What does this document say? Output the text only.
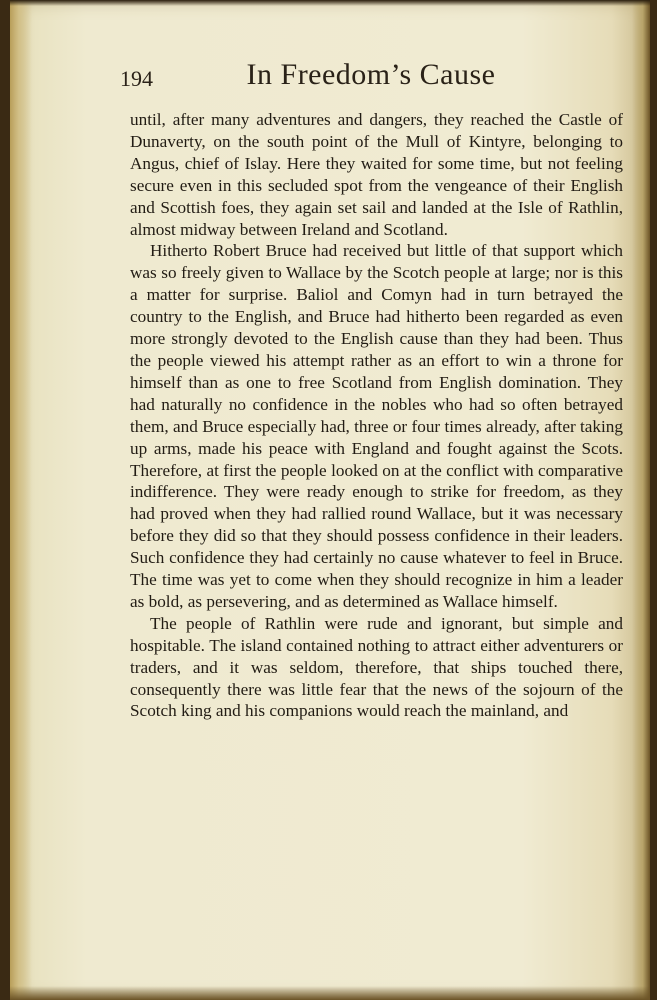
194	In Freedom’s Cause

until, after many adventures and dangers, they reached the Castle of Dunaverty, on the south point of the Mull of Kintyre, belonging to Angus, chief of Islay. Here they waited for some time, but not feeling secure even in this secluded spot from the vengeance of their English and Scottish foes, they again set sail and landed at the Isle of Rathlin, almost midway between Ireland and Scotland.

Hitherto Robert Bruce had received but little of that support which was so freely given to Wallace by the Scotch people at large; nor is this a matter for surprise. Baliol and Comyn had in turn betrayed the country to the English, and Bruce had hitherto been regarded as even more strongly devoted to the English cause than they had been. Thus the people viewed his attempt rather as an effort to win a throne for himself than as one to free Scotland from English domination. They had naturally no confidence in the nobles who had so often betrayed them, and Bruce especially had, three or four times already, after taking up arms, made his peace with England and fought against the Scots. Therefore, at first the people looked on at the conflict with comparative indifference. They were ready enough to strike for freedom, as they had proved when they had rallied round Wallace, but it was necessary before they did so that they should possess confidence in their leaders. Such confidence they had certainly no cause whatever to feel in Bruce. The time was yet to come when they should recognize in him a leader as bold, as persevering, and as determined as Wallace himself.

The people of Rathlin were rude and ignorant, but simple and hospitable. The island contained nothing to attract either adventurers or traders, and it was seldom, therefore, that ships touched there, consequently there was little fear that the news of the sojourn of the Scotch king and his companions would reach the mainland, and
